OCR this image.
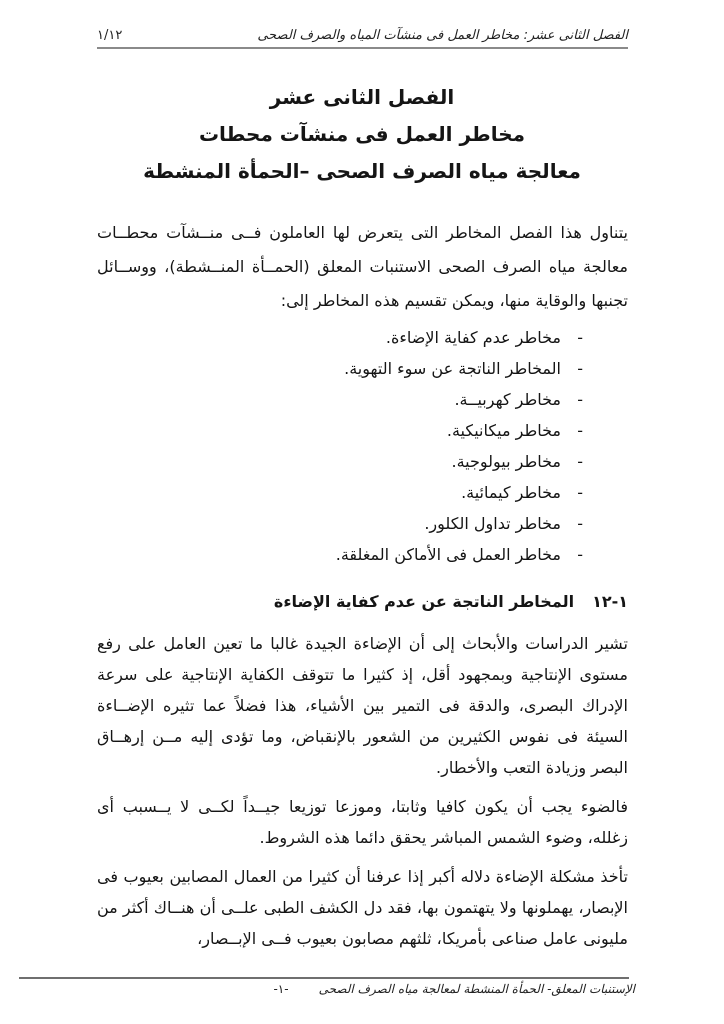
الفصل الثانى عشر: مخاطر العمل فى منشآت المياه والصرف الصحى
١/١٢
الفصل الثانى عشر
مخاطر العمل فى منشآت محطات
معالجة مياه الصرف الصحى –الحمأة المنشطة

يتناول هذا الفصل المخاطر التى يتعرض لها العاملون فــى منــشآت محطــات معالجة مياه الصرف الصحى الاستنبات المعلق (الحمــأة المنــشطة)، ووســائل تجنبها والوقاية منها، ويمكن تقسيم هذه المخاطر إلى:

-
مخاطر عدم كفاية الإضاءة.
-
المخاطر الناتجة عن سوء التهوية.
-
مخاطر كهربيــة.
-
مخاطر ميكانيكية.
-
مخاطر بيولوجية.
-
مخاطر كيمائية.
-
مخاطر تداول الكلور.
-
مخاطر العمل فى الأماكن المغلقة.
١-١٢
المخاطر الناتجة عن عدم كفاية الإضاءة

تشير الدراسات والأبحاث إلى أن الإضاءة الجيدة غالبا ما تعين العامل على رفع مستوى الإنتاجية وبمجهود أقل، إذ كثيرا ما تتوقف الكفاية الإنتاجية على سرعة الإدراك البصرى، والدقة فى التمير بين الأشياء، هذا فضلاً عما تثيره الإضــاءة السيئة فى نفوس الكثيرين من الشعور بالإنقباض، وما تؤدى إليه مــن إرهــاق البصر وزيادة التعب والأخطار.

فالضوء يجب أن يكون كافيا وثابتا، وموزعا توزيعا جيــداً لكــى لا يــسبب أى زغلله، وضوء الشمس المباشر يحقق دائما هذه الشروط.

تأخذ مشكلة الإضاءة دلاله أكبر إذا عرفنا أن كثيرا من العمال المصابين بعيوب فى الإبصار، يهملونها ولا يتهتمون بها، فقد دل الكشف الطبى علــى أن هنــاك أكثر من مليونى عامل صناعى بأمريكا، ثلثهم مصابون بعيوب فــى الإبــصار،

الإستنبات المعلق- الحمأة المنشطة لمعالجة مياه الصرف الصحى
-١-
